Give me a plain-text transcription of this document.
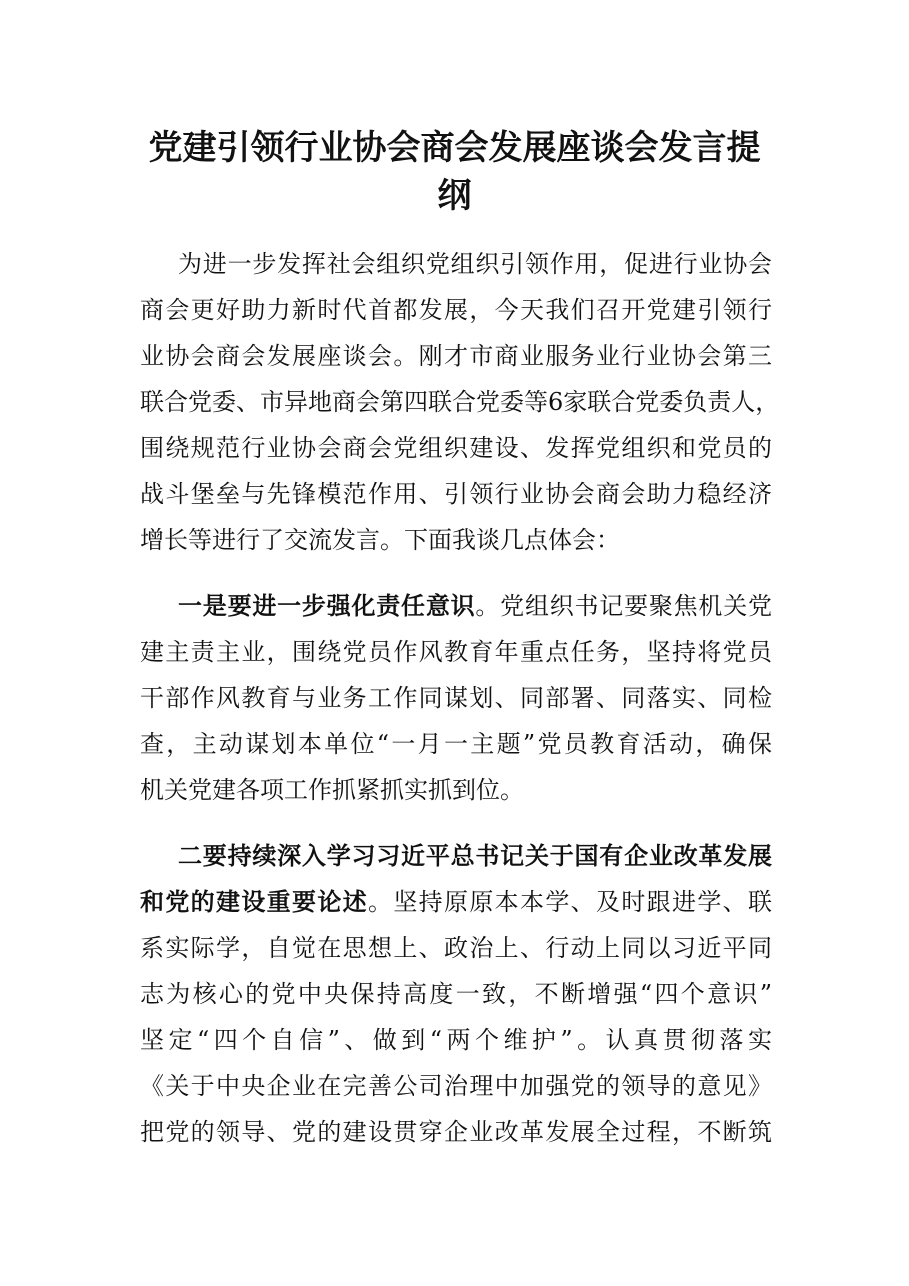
党建引领行业协会商会发展座谈会发言提
纲

为进一步发挥社会组织党组织引领作用，促进行业协会

商会更好助力新时代首都发展，今天我们召开党建引领行

业协会商会发展座谈会。刚才市商业服务业行业协会第三

联合党委、市异地商会第四联合党委等6家联合党委负责人，

围绕规范行业协会商会党组织建设、发挥党组织和党员的

战斗堡垒与先锋模范作用、引领行业协会商会助力稳经济

增长等进行了交流发言。下面我谈几点体会：

一是要进一步强化责任意识。党组织书记要聚焦机关党

建主责主业，围绕党员作风教育年重点任务，坚持将党员

干部作风教育与业务工作同谋划、同部署、同落实、同检

查，主动谋划本单位“一月一主题”党员教育活动，确保

机关党建各项工作抓紧抓实抓到位。

二要持续深入学习习近平总书记关于国有企业改革发展

和党的建设重要论述。坚持原原本本学、及时跟进学、联

系实际学，自觉在思想上、政治上、行动上同以习近平同

志为核心的党中央保持高度一致，不断增强“四个意识”

坚定“四个自信”、做到“两个维护”。认真贯彻落实

《关于中央企业在完善公司治理中加强党的领导的意见》

把党的领导、党的建设贯穿企业改革发展全过程，不断筑
